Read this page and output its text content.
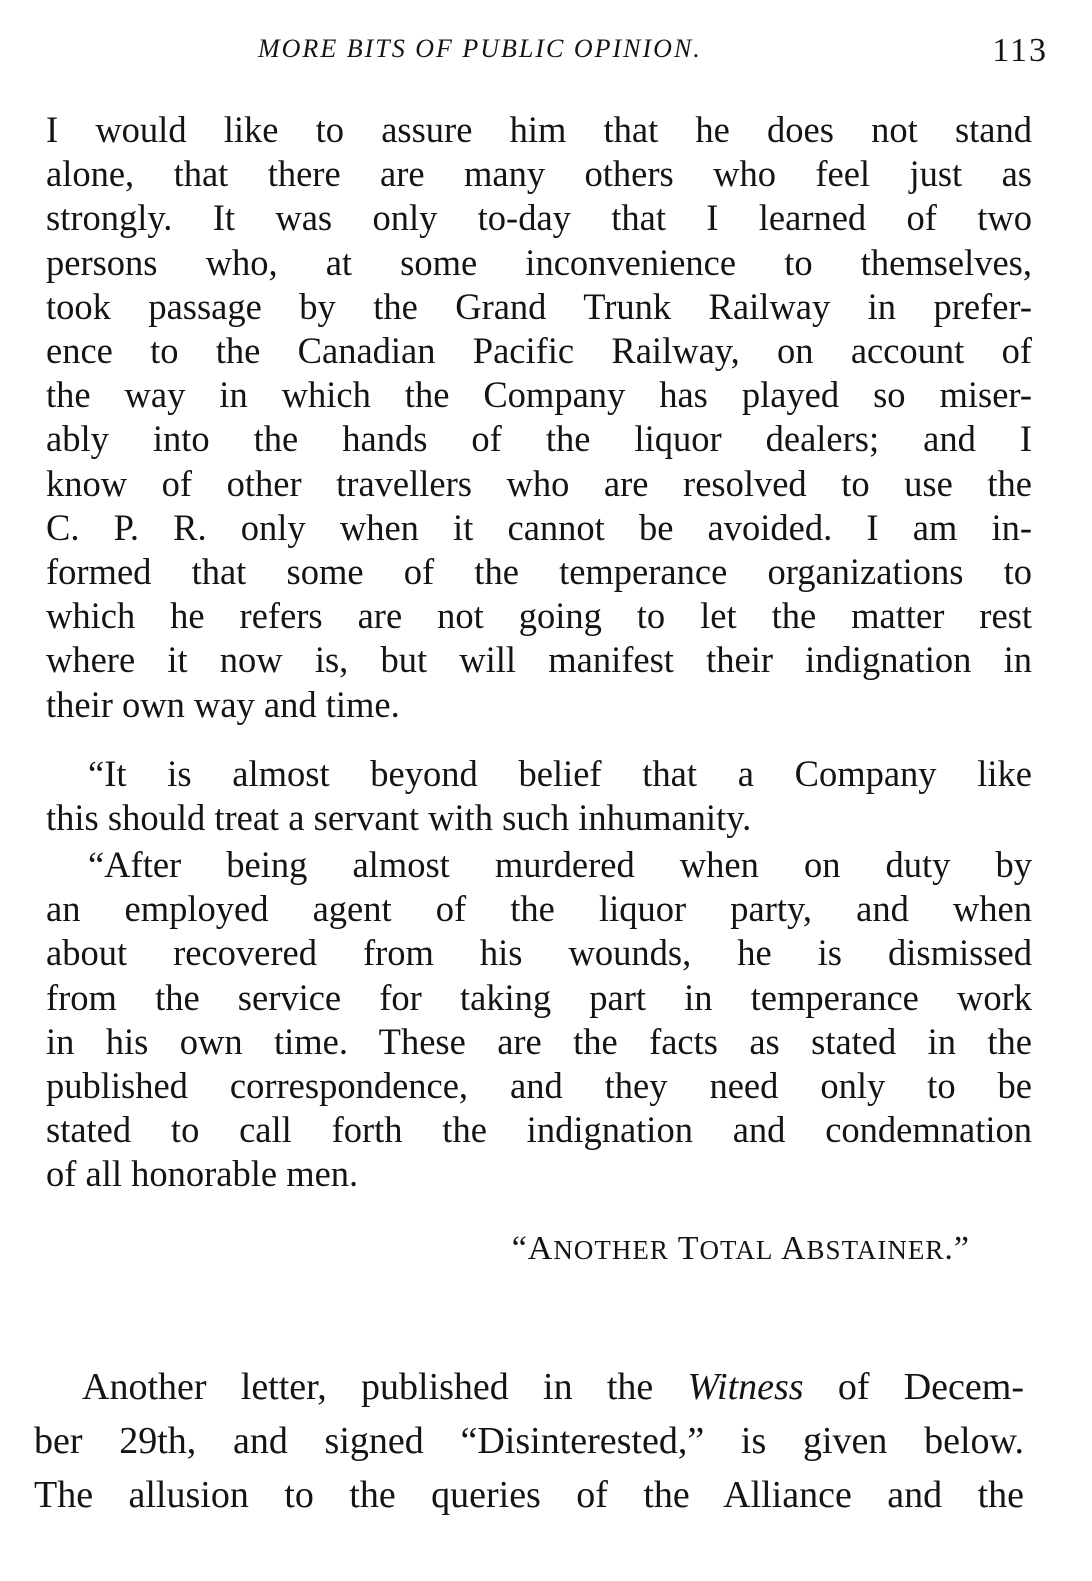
MORE BITS OF PUBLIC OPINION.	113
I would like to assure him that he does not stand
alone, that there are many others who feel just as
strongly. It was only to-day that I learned of two
persons who, at some inconvenience to themselves,
took passage by the Grand Trunk Railway in prefer-
ence to the Canadian Pacific Railway, on account of
the way in which the Company has played so miser-
ably into the hands of the liquor dealers; and I
know of other travellers who are resolved to use the
C. P. R. only when it cannot be avoided. I am in-
formed that some of the temperance organizations to
which he refers are not going to let the matter rest
where it now is, but will manifest their indignation in
their own way and time.
“It is almost beyond belief that a Company like
this should treat a servant with such inhumanity.
“After being almost murdered when on duty by
an employed agent of the liquor party, and when
about recovered from his wounds, he is dismissed
from the service for taking part in temperance work
in his own time. These are the facts as stated in the
published correspondence, and they need only to be
stated to call forth the indignation and condemnation
of all honorable men.
“ANOTHER TOTAL ABSTAINER.”
Another letter, published in the Witness of Decem-
ber 29th, and signed “Disinterested,” is given below.
The allusion to the queries of the Alliance and the
